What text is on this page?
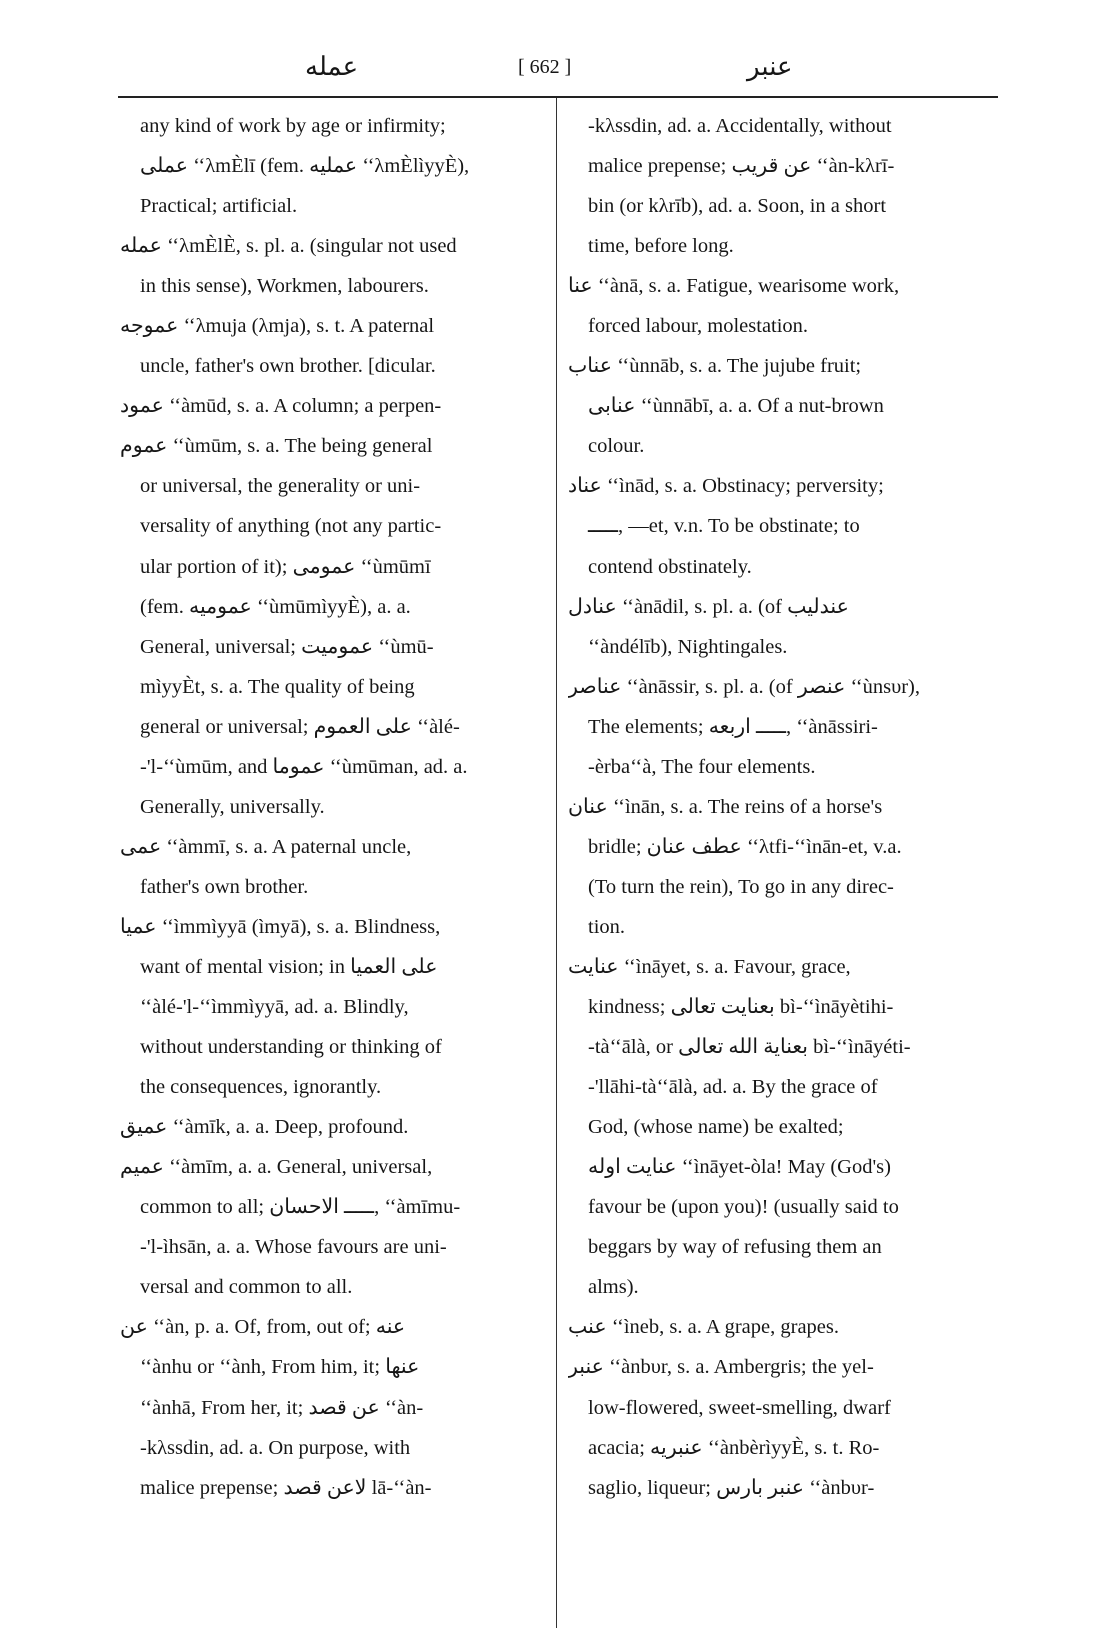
عمله	[ 662 ]	عنبر
any kind of work by age or infirmity;
عملی ‘‘λmÈlī (fem. عملیه ‘‘λmÈlìyyÈ),
Practical; artificial.
عمله ‘‘λmÈlÈ, s. pl. a. (singular not used
in this sense), Workmen, labourers.
عموجه ‘‘λmuja (λmja), s. t. A paternal
uncle, father's own brother. [dicular.
عمود ‘‘àmūd, s. a. A column; a perpen-
عموم ‘‘ùmūm, s. a. The being general
or universal, the generality or uni-
versality of anything (not any partic-
ular portion of it); عمومی ‘‘ùmūmī
(fem. عمومیه ‘‘ùmūmìyyÈ), a. a.
General, universal; عمومیت ‘‘ùmū-
mìyyÈt, s. a. The quality of being
general or universal; علی العموم ‘‘àlé-
-'l-‘‘ùmūm, and عموما ‘‘ùmūman, ad. a.
Generally, universally.
عمی ‘‘àmmī, s. a. A paternal uncle,
father's own brother.
عمیا ‘‘ìmmìyyā (ìmyā), s. a. Blindness,
want of mental vision; in علی العمیا
‘‘àlé-'l-‘‘ìmmìyyā, ad. a. Blindly,
without understanding or thinking of
the consequences, ignorantly.
عمیق ‘‘àmīk, a. a. Deep, profound.
عمیم ‘‘àmīm, a. a. General, universal,
common to all; ـــــ الاحسان, ‘‘àmīmu-
-'l-ìhsān, a. a. Whose favours are uni-
versal and common to all.
عن ‘‘àn, p. a. Of, from, out of; عنه
‘‘ànhu or ‘‘ành, From him, it; عنها
‘‘ànhā, From her, it; عن قصد ‘‘àn-
-kλssdin, ad. a. On purpose, with
malice prepense; لاعن قصد lā-‘‘àn-
-kλssdin, ad. a. Accidentally, without
malice prepense; عن قریب ‘‘àn-kλrī-
bin (or kλrīb), ad. a. Soon, in a short
time, before long.
عنا ‘‘ànā, s. a. Fatigue, wearisome work,
forced labour, molestation.
عناب ‘‘ùnnāb, s. a. The jujube fruit;
عنابی ‘‘ùnnābī, a. a. Of a nut-brown
colour.
عناد ‘‘ìnād, s. a. Obstinacy; perversity;
ـــــ, —et, v.n. To be obstinate; to
contend obstinately.
عنادل ‘‘ànādil, s. pl. a. (of عندلیب
‘‘àndélīb), Nightingales.
عناصر ‘‘ànāssir, s. pl. a. (of عنصر ‘‘ùnsυr),
The elements; ـــــ اربعه, ‘‘ànāssiri-
-èrba‘‘à, The four elements.
عنان ‘‘ìnān, s. a. The reins of a horse's
bridle; عطف عنان ‘‘λtfi-‘‘ìnān-et, v.a.
(To turn the rein), To go in any direc-
tion.
عنایت ‘‘ìnāyet, s. a. Favour, grace,
kindness; بعنایت تعالی bì-‘‘ìnāyètihi-
-tà‘‘ālà, or بعنایة الله تعالی bì-‘‘ìnāyéti-
-'llāhi-tà‘‘ālà, ad. a. By the grace of
God, (whose name) be exalted;
عنایت اوله ‘‘ìnāyet-òla! May (God's)
favour be (upon you)! (usually said to
beggars by way of refusing them an
alms).
عنب ‘‘ìneb, s. a. A grape, grapes.
عنبر ‘‘ànbυr, s. a. Ambergris; the yel-
low-flowered, sweet-smelling, dwarf
acacia; عنبریه ‘‘ànbèrìyyÈ, s. t. Ro-
saglio, liqueur; عنبر بارس ‘‘ànbυr-
